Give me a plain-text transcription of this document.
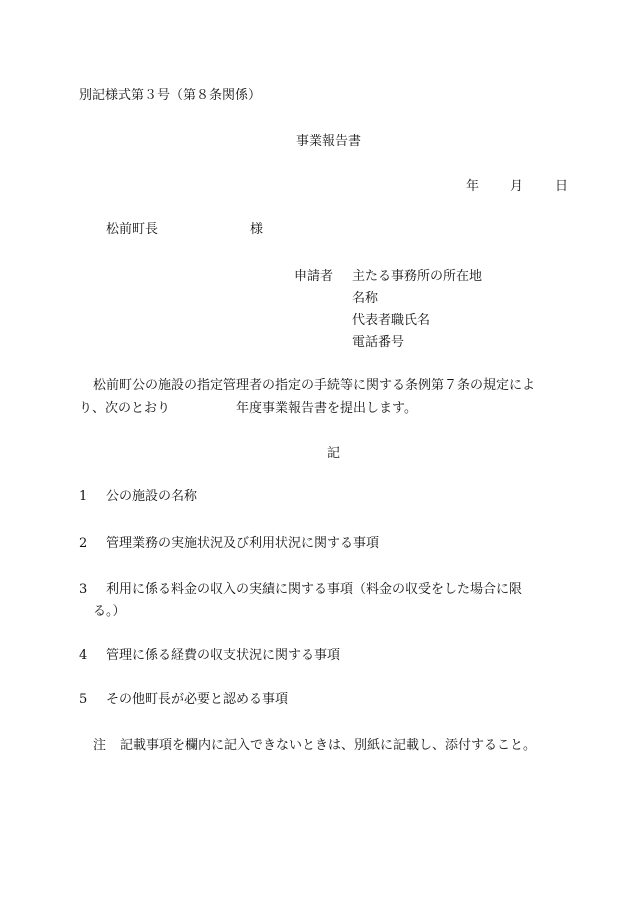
別記様式第３号（第８条関係）
事業報告書
年 月 日
松前町長	様
申請者 主たる事務所の所在地
名称
代表者職氏名
電話番号
松前町公の施設の指定管理者の指定の手続等に関する条例第７条の規定によ
り、次のとおり	年度事業報告書を提出します。
記
1 公の施設の名称
2 管理業務の実施状況及び利用状況に関する事項
3 利用に係る料金の収入の実績に関する事項（料金の収受をした場合に限
る。）
4 管理に係る経費の収支状況に関する事項
5 その他町長が必要と認める事項
注 記載事項を欄内に記入できないときは、別紙に記載し、添付すること。
